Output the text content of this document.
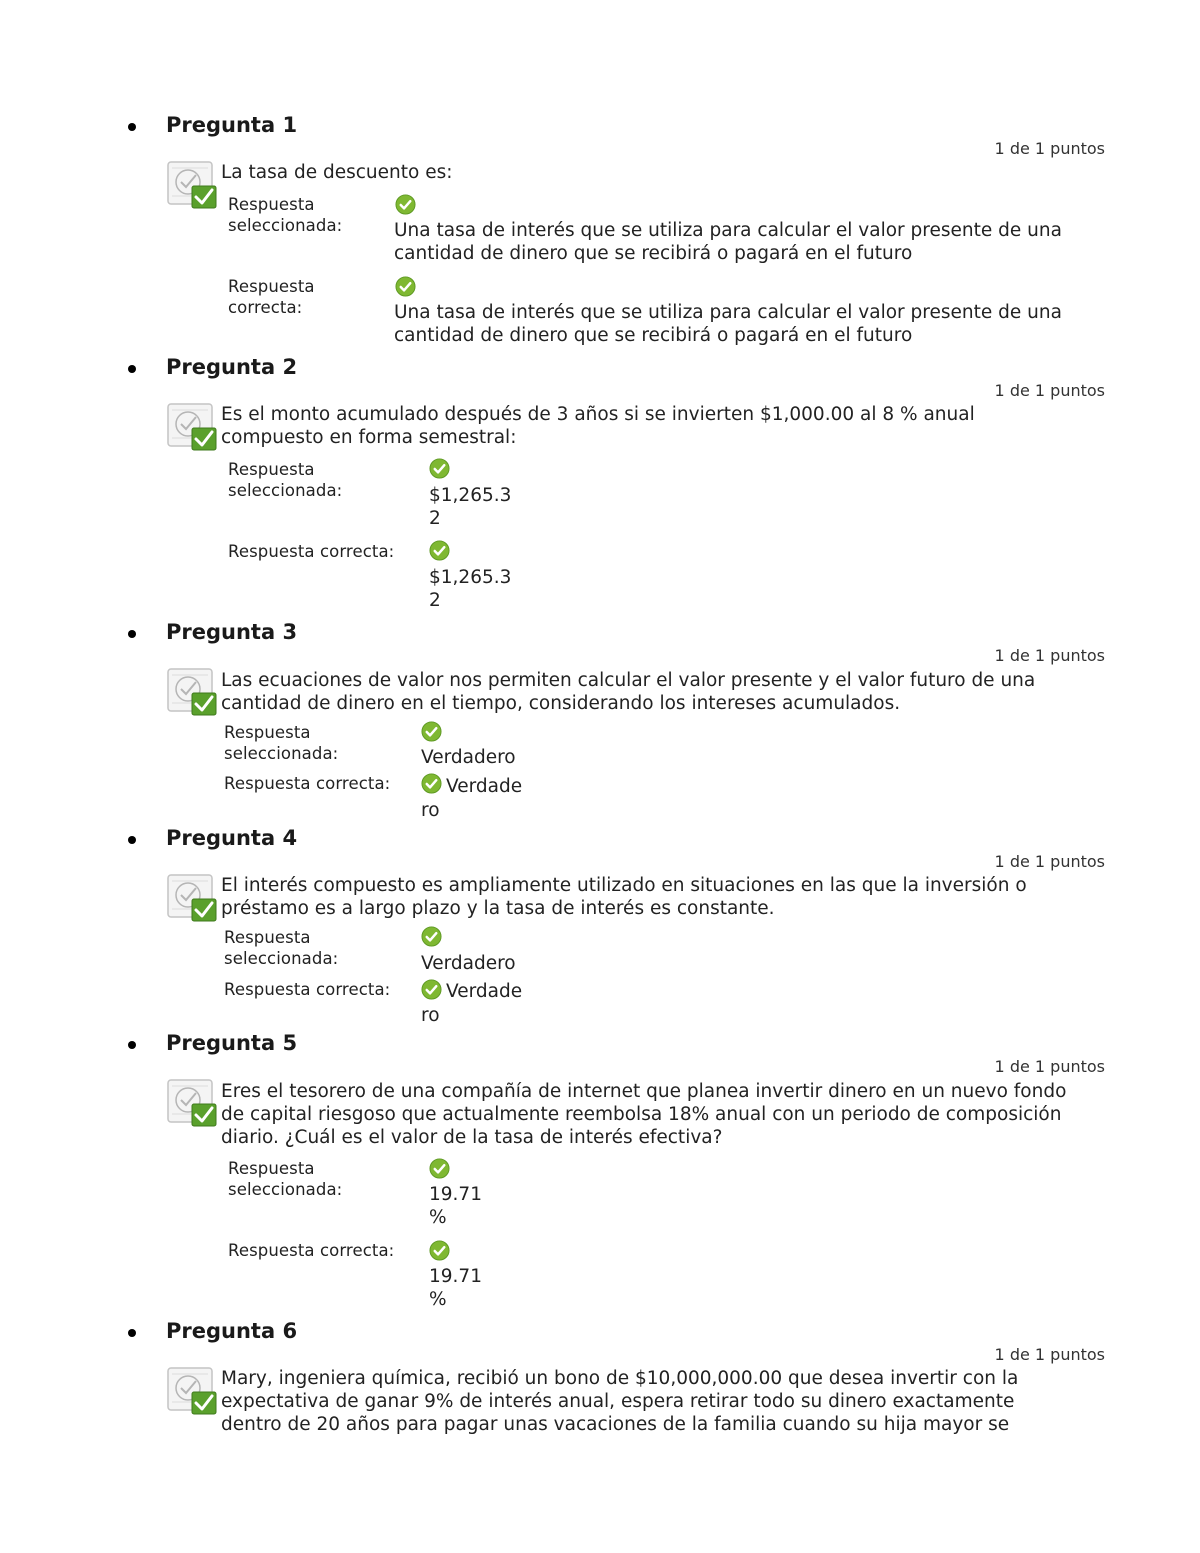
Pregunta 1
1 de 1 puntos
La tasa de descuento es:
Respuesta
seleccionada:	Una tasa de interés que se utiliza para calcular el valor presente de una
cantidad de dinero que se recibirá o pagará en el futuro
Respuesta
correcta:	Una tasa de interés que se utiliza para calcular el valor presente de una
cantidad de dinero que se recibirá o pagará en el futuro
Pregunta 2
1 de 1 puntos
Es el monto acumulado después de 3 años si se invierten $1,000.00 al 8 % anual
compuesto en forma semestral:
Respuesta
seleccionada:	$1,265.3
2
Respuesta correcta:
$1,265.3
2
Pregunta 3
1 de 1 puntos
Las ecuaciones de valor nos permiten calcular el valor presente y el valor futuro de una
cantidad de dinero en el tiempo, considerando los intereses acumulados.
Respuesta
seleccionada:	Verdadero
Respuesta correcta:	Verdade
ro
Pregunta 4
1 de 1 puntos
El interés compuesto es ampliamente utilizado en situaciones en las que la inversión o
préstamo es a largo plazo y la tasa de interés es constante.
Respuesta
seleccionada:	Verdadero
Respuesta correcta:	Verdade
ro
Pregunta 5
1 de 1 puntos
Eres el tesorero de una compañía de internet que planea invertir dinero en un nuevo fondo
de capital riesgoso que actualmente reembolsa 18% anual con un periodo de composición
diario. ¿Cuál es el valor de la tasa de interés efectiva?
Respuesta
seleccionada:	19.71
%
Respuesta correcta:
19.71
%
Pregunta 6
1 de 1 puntos
Mary, ingeniera química, recibió un bono de $10,000,000.00 que desea invertir con la
expectativa de ganar 9% de interés anual, espera retirar todo su dinero exactamente
dentro de 20 años para pagar unas vacaciones de la familia cuando su hija mayor se
